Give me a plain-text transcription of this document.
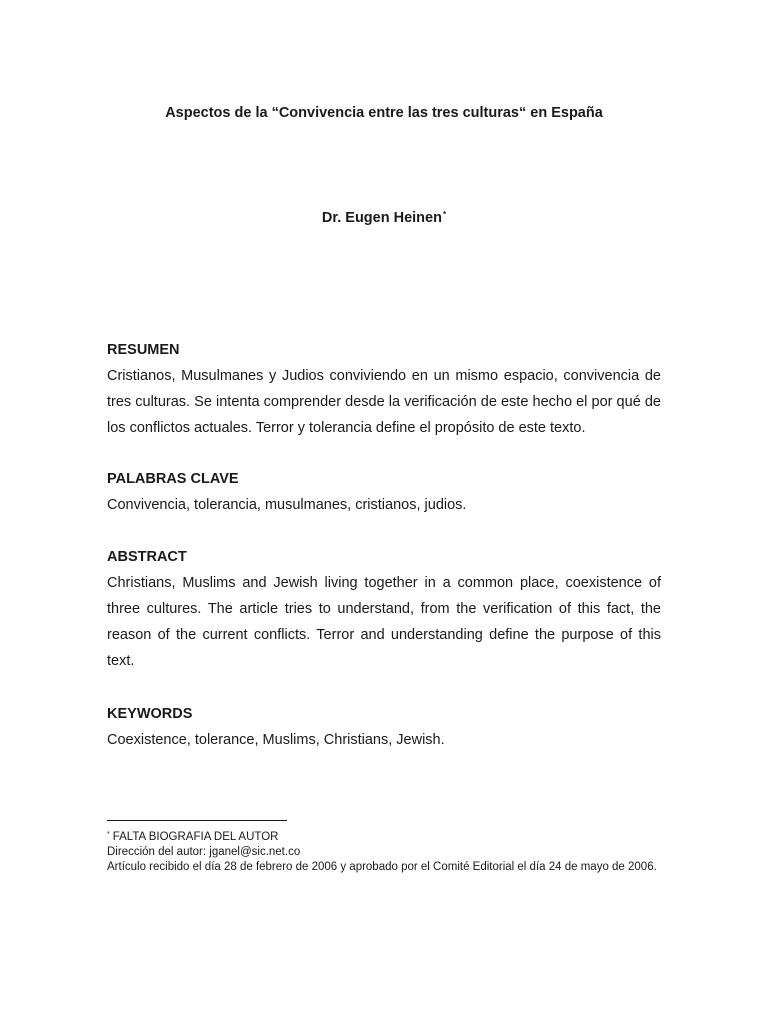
Aspectos de la “Convivencia entre las tres culturas“ en España
Dr. Eugen Heinen*
RESUMEN

Cristianos, Musulmanes y Judios conviviendo en un mismo espacio, convivencia de tres culturas. Se intenta comprender desde la verificación de este hecho el por qué de los conflictos actuales. Terror y tolerancia define el propósito de este texto.

PALABRAS CLAVE

Convivencia, tolerancia, musulmanes, cristianos, judios.

ABSTRACT

Christians, Muslims and Jewish living together in a common place, coexistence of three cultures. The article tries to understand, from the verification of this fact, the reason of the current conflicts. Terror and understanding define the purpose of this text.

KEYWORDS

Coexistence, tolerance, Muslims, Christians, Jewish.

* FALTA BIOGRAFIA DEL AUTOR
Dirección del autor: jganel@sic.net.co
Artículo recibido el día 28 de febrero de 2006 y aprobado por el Comité Editorial el día 24 de mayo de 2006.
